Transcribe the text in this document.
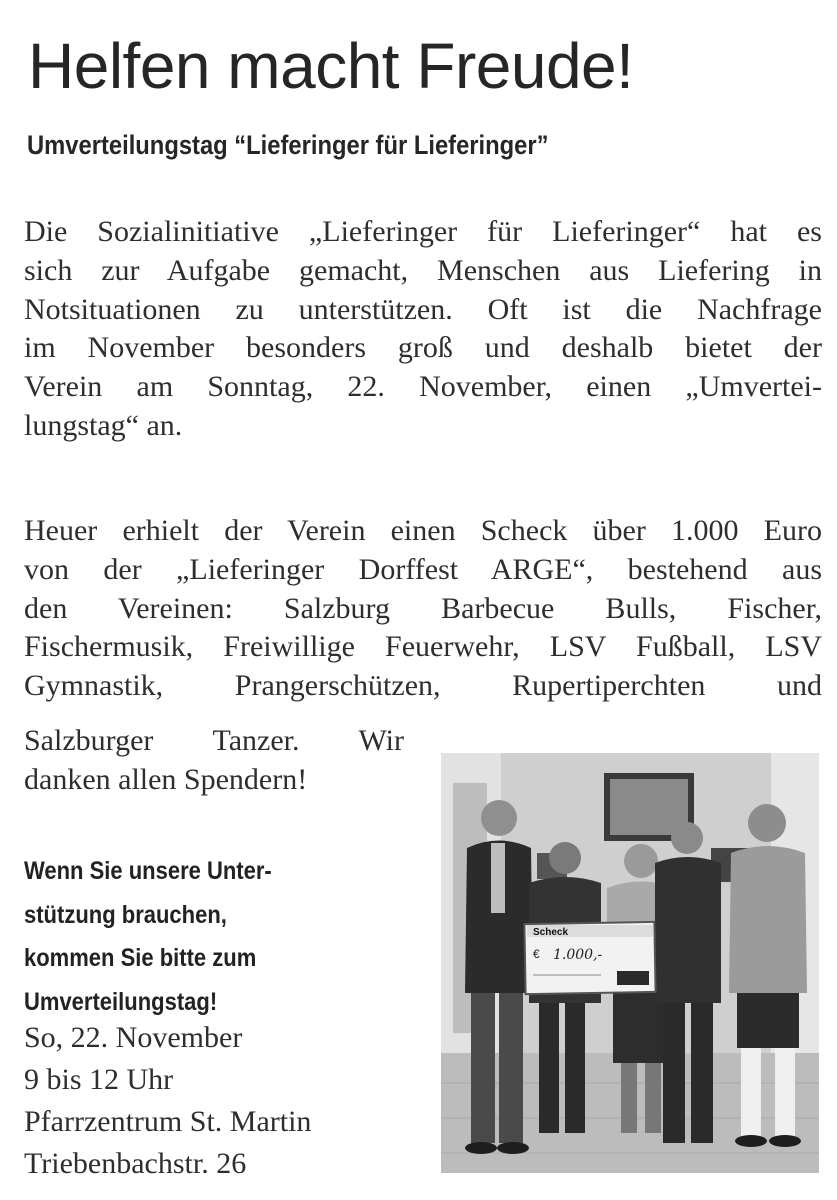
Helfen macht Freude!
Umverteilungstag “Lieferinger für Lieferinger”
Die Sozialinitiative „Lieferinger für Lieferinger“ hat es
sich zur Aufgabe gemacht, Menschen aus Liefering in
Notsituationen zu unterstützen. Oft ist die Nachfrage
im November besonders groß und deshalb bietet der
Verein am Sonntag, 22. November, einen „Umvertei-
lungstag“ an.
Heuer erhielt der Verein einen Scheck über 1.000 Euro
von der „Lieferinger Dorffest ARGE“, bestehend aus
den Vereinen: Salzburg Barbecue Bulls, Fischer,
Fischermusik, Freiwillige Feuerwehr, LSV Fußball, LSV
Gymnastik, Prangerschützen, Rupertiperchten und
Salzburger Tanzer. Wir
danken allen Spendern!
Wenn Sie unsere Unter-
stützung brauchen,
kommen Sie bitte zum
Umverteilungstag!
So, 22. November
9 bis 12 Uhr
Pfarrzentrum St. Martin
Triebenbachstr. 26
Scheck
€ 1.000,-
